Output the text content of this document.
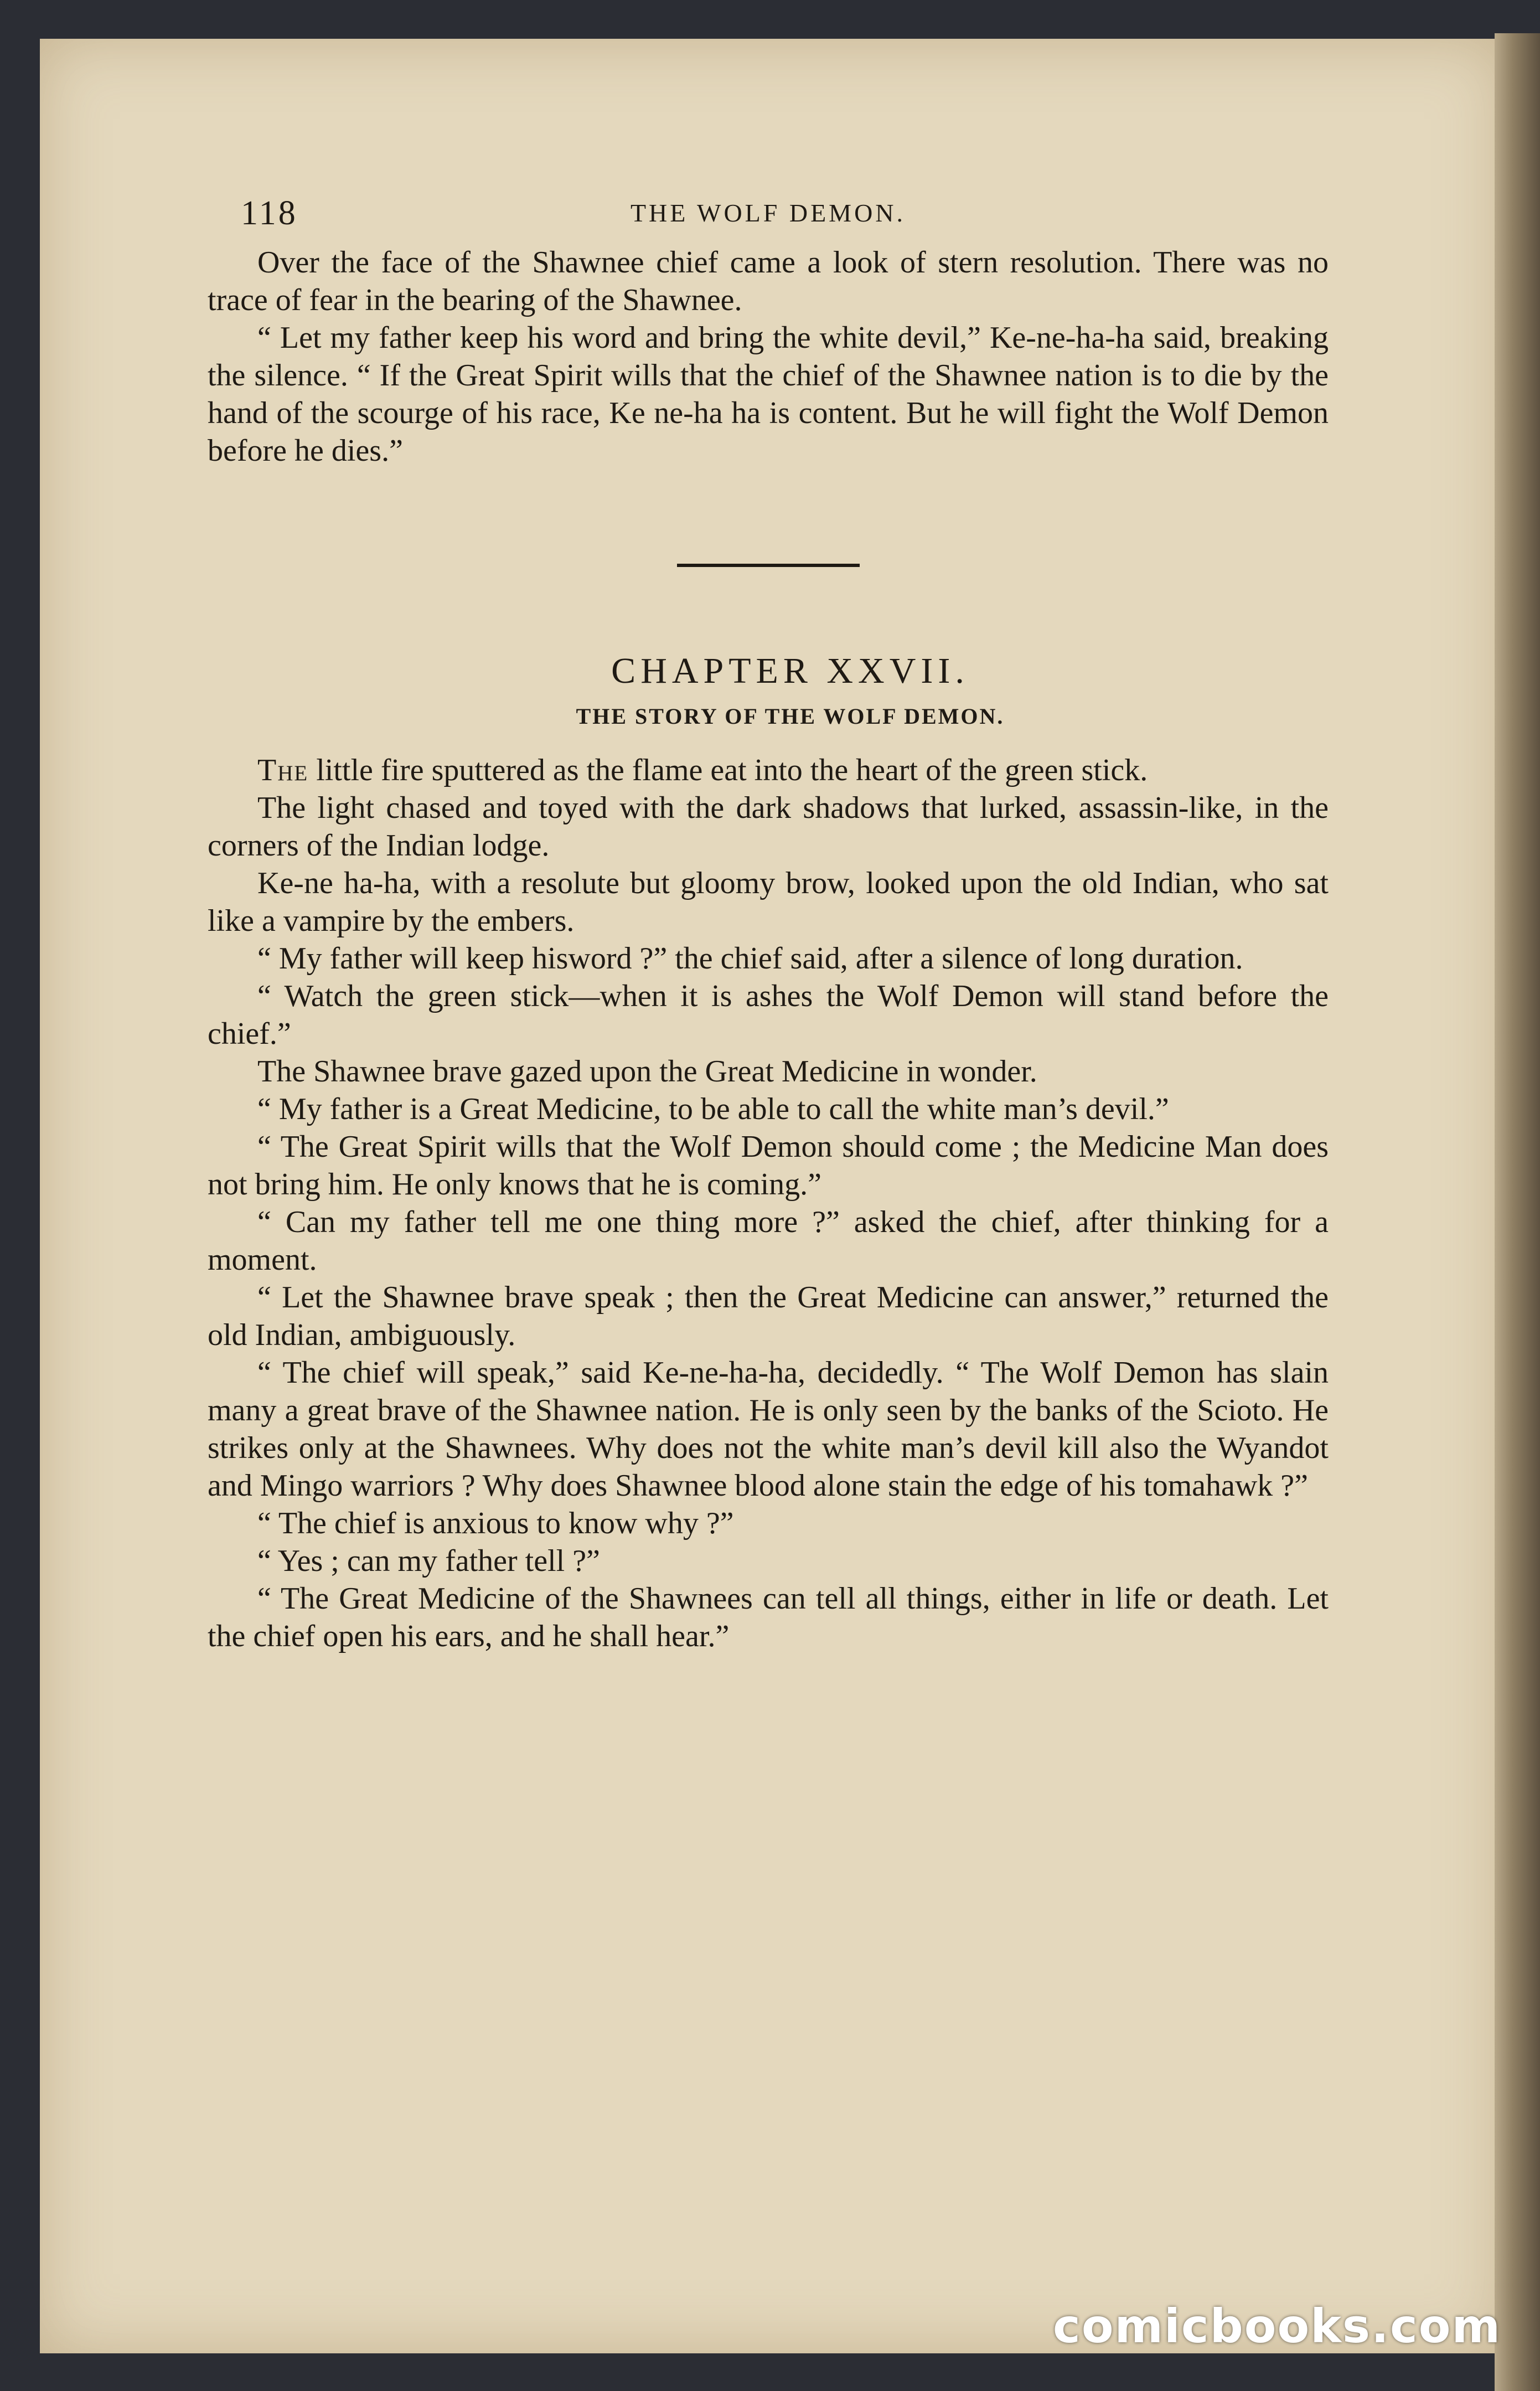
118	THE WOLF DEMON.

Over the face of the Shawnee chief came a look of stern resolution. There was no trace of fear in the bearing of the Shawnee.

“ Let my father keep his word and bring the white devil,” Ke-ne-ha-ha said, breaking the silence. “ If the Great Spirit wills that the chief of the Shawnee nation is to die by the hand of the scourge of his race, Ke ne-ha ha is content. But he will fight the Wolf Demon before he dies.”

CHAPTER XXVII.
THE STORY OF THE WOLF DEMON.

The little fire sputtered as the flame eat into the heart of the green stick.

The light chased and toyed with the dark shadows that lurked, assassin-like, in the corners of the Indian lodge.

Ke-ne ha-ha, with a resolute but gloomy brow, looked upon the old Indian, who sat like a vampire by the embers.

“ My father will keep hisword ?” the chief said, after a silence of long duration.

“ Watch the green stick—when it is ashes the Wolf Demon will stand before the chief.”

The Shawnee brave gazed upon the Great Medicine in wonder.

“ My father is a Great Medicine, to be able to call the white man’s devil.”

“ The Great Spirit wills that the Wolf Demon should come ; the Medicine Man does not bring him. He only knows that he is coming.”

“ Can my father tell me one thing more ?” asked the chief, after thinking for a moment.

“ Let the Shawnee brave speak ; then the Great Medicine can answer,” returned the old Indian, ambiguously.

“ The chief will speak,” said Ke-ne-ha-ha, decidedly. “ The Wolf Demon has slain many a great brave of the Shawnee nation. He is only seen by the banks of the Scioto. He strikes only at the Shawnees. Why does not the white man’s devil kill also the Wyandot and Mingo warriors ? Why does Shawnee blood alone stain the edge of his tomahawk ?”

“ The chief is anxious to know why ?”

“ Yes ; can my father tell ?”

“ The Great Medicine of the Shawnees can tell all things, either in life or death. Let the chief open his ears, and he shall hear.”

comicbooks.com
